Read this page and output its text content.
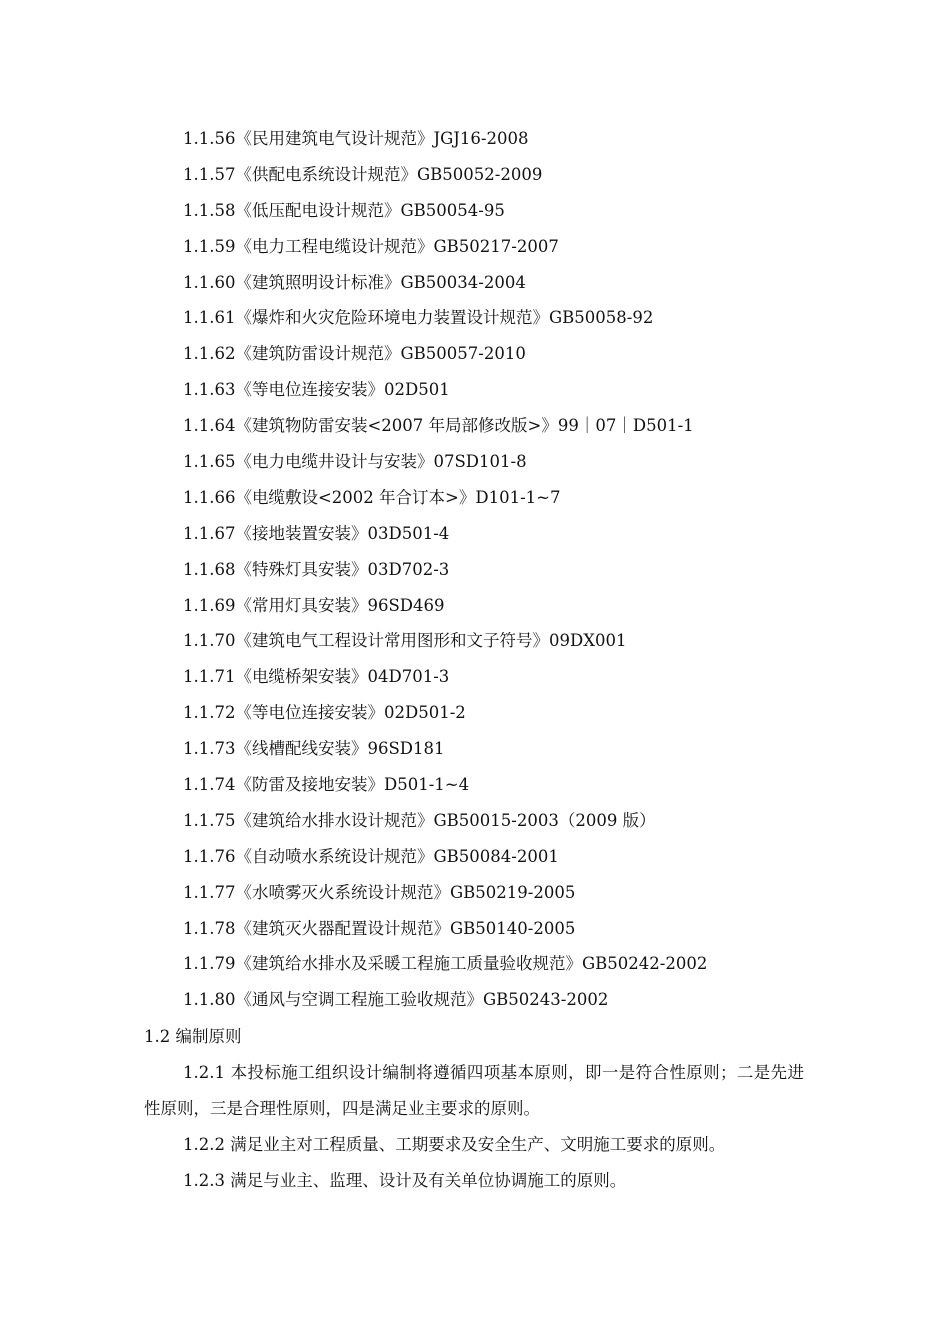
1.1.56《民用建筑电气设计规范》JGJ16-2008
1.1.57《供配电系统设计规范》GB50052-2009
1.1.58《低压配电设计规范》GB50054-95
1.1.59《电力工程电缆设计规范》GB50217-2007
1.1.60《建筑照明设计标准》GB50034-2004
1.1.61《爆炸和火灾危险环境电力装置设计规范》GB50058-92
1.1.62《建筑防雷设计规范》GB50057-2010
1.1.63《等电位连接安装》02D501
1.1.64《建筑物防雷安装<2007 年局部修改版>》99｜07｜D501-1
1.1.65《电力电缆井设计与安装》07SD101-8
1.1.66《电缆敷设<2002 年合订本>》D101-1~7
1.1.67《接地装置安装》03D501-4
1.1.68《特殊灯具安装》03D702-3
1.1.69《常用灯具安装》96SD469
1.1.70《建筑电气工程设计常用图形和文子符号》09DX001
1.1.71《电缆桥架安装》04D701-3
1.1.72《等电位连接安装》02D501-2
1.1.73《线槽配线安装》96SD181
1.1.74《防雷及接地安装》D501-1~4
1.1.75《建筑给水排水设计规范》GB50015-2003（2009 版）
1.1.76《自动喷水系统设计规范》GB50084-2001
1.1.77《水喷雾灭火系统设计规范》GB50219-2005
1.1.78《建筑灭火器配置设计规范》GB50140-2005
1.1.79《建筑给水排水及采暖工程施工质量验收规范》GB50242-2002
1.1.80《通风与空调工程施工验收规范》GB50243-2002
1.2 编制原则

1.2.1 本投标施工组织设计编制将遵循四项基本原则，即一是符合性原则；二是先进性原则，三是合理性原则，四是满足业主要求的原则。

1.2.2 满足业主对工程质量、工期要求及安全生产、文明施工要求的原则。

1.2.3 满足与业主、监理、设计及有关单位协调施工的原则。
